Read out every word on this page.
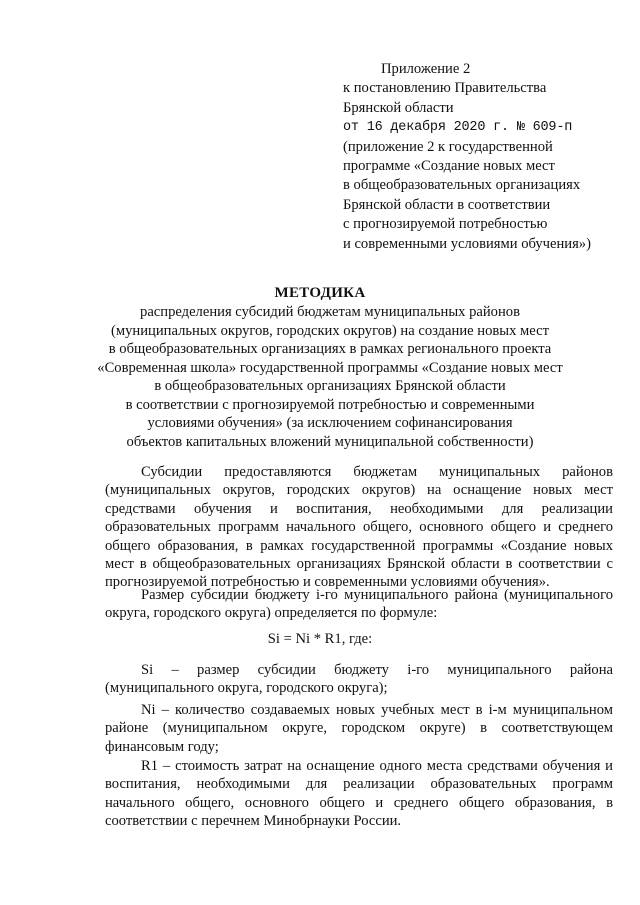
Приложение 2
к постановлению Правительства
Брянской области
от 16 декабря 2020 г. № 609-п
(приложение 2 к государственной
программе «Создание новых мест
в общеобразовательных организациях
Брянской области в соответствии
с прогнозируемой потребностью
и современными условиями обучения»)
МЕТОДИКА
распределения субсидий бюджетам муниципальных районов
(муниципальных округов, городских округов) на создание новых мест
в общеобразовательных организациях в рамках регионального проекта
«Современная школа» государственной программы «Создание новых мест
в общеобразовательных организациях Брянской области
в соответствии с прогнозируемой потребностью и современными
условиями обучения» (за исключением софинансирования
объектов капитальных вложений муниципальной собственности)
Субсидии предоставляются бюджетам муниципальных районов (муниципальных округов, городских округов) на оснащение новых мест средствами обучения и воспитания, необходимыми для реализации образовательных программ начального общего, основного общего и среднего общего образования, в рамках государственной программы «Создание новых мест в общеобразовательных организациях Брянской области в соответствии с прогнозируемой потребностью и современными условиями обучения».
Размер субсидии бюджету i-го муниципального района (муниципального округа, городского округа) определяется по формуле:
Si = Ni * R1, где:
Si – размер субсидии бюджету i-го муниципального района (муниципального округа, городского округа);
Ni – количество создаваемых новых учебных мест в i-м муниципальном районе (муниципальном округе, городском округе) в соответствующем финансовым году;
R1 – стоимость затрат на оснащение одного места средствами обучения и воспитания, необходимыми для реализации образовательных программ начального общего, основного общего и среднего общего образования, в соответствии с перечнем Минобрнауки России.
